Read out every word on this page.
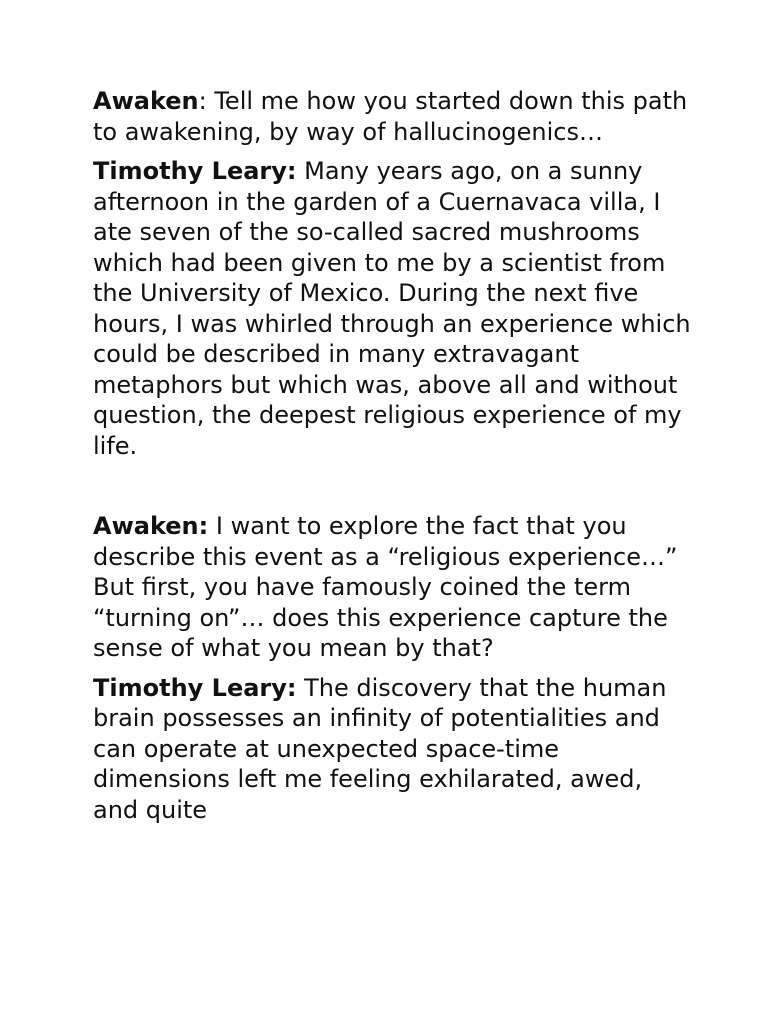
Awaken: Tell me how you started down this path to awakening, by way of hallucinogenics…

Timothy Leary: Many years ago, on a sunny afternoon in the garden of a Cuernavaca villa, I ate seven of the so-called sacred mushrooms which had been given to me by a scientist from the University of Mexico. During the next five hours, I was whirled through an experience which could be described in many extravagant metaphors but which was, above all and without question, the deepest religious experience of my life.

Awaken: I want to explore the fact that you describe this event as a “religious experience…” But first, you have famously coined the term “turning on”… does this experience capture the sense of what you mean by that?

Timothy Leary: The discovery that the human brain possesses an infinity of potentialities and can operate at unexpected space-time dimensions left me feeling exhilarated, awed, and quite
